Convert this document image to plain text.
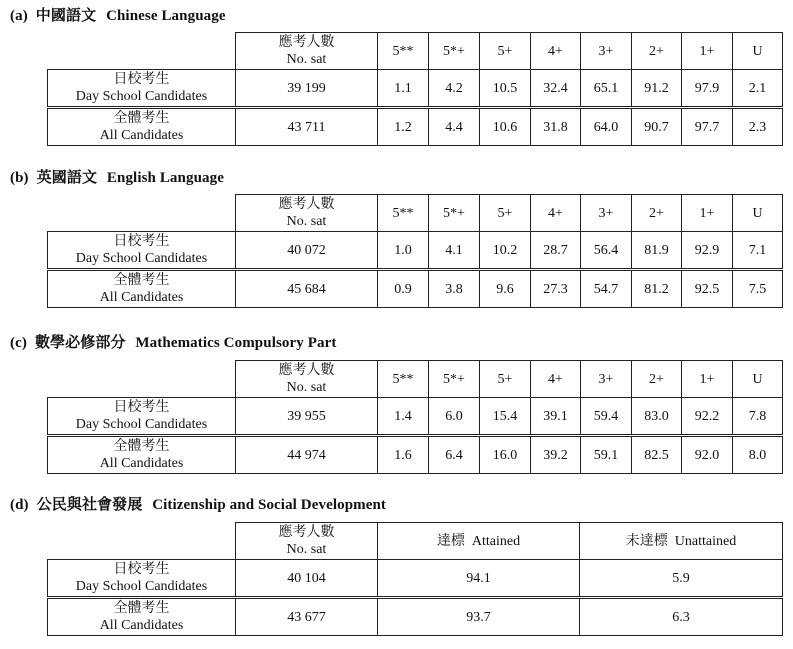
(a) 中國語文 Chinese Language

	應考人數
No. sat	5**	5*+	5+	4+	3+	2+	1+	U

日校考生
Day School Candidates	39 199	1.1	4.2	10.5	32.4	65.1	91.2	97.9	2.1

全體考生
All Candidates	43 711	1.2	4.4	10.6	31.8	64.0	90.7	97.7	2.3
(b) 英國語文 English Language

	應考人數
No. sat	5**	5*+	5+	4+	3+	2+	1+	U

日校考生
Day School Candidates	40 072	1.0	4.1	10.2	28.7	56.4	81.9	92.9	7.1

全體考生
All Candidates	45 684	0.9	3.8	9.6	27.3	54.7	81.2	92.5	7.5
(c) 數學必修部分 Mathematics Compulsory Part

	應考人數
No. sat	5**	5*+	5+	4+	3+	2+	1+	U

日校考生
Day School Candidates	39 955	1.4	6.0	15.4	39.1	59.4	83.0	92.2	7.8

全體考生
All Candidates	44 974	1.6	6.4	16.0	39.2	59.1	82.5	92.0	8.0
(d) 公民與社會發展 Citizenship and Social Development

	應考人數
No. sat	達標  Attained	未達標  Unattained

日校考生
Day School Candidates	40 104	94.1	5.9

全體考生
All Candidates	43 677	93.7	6.3
